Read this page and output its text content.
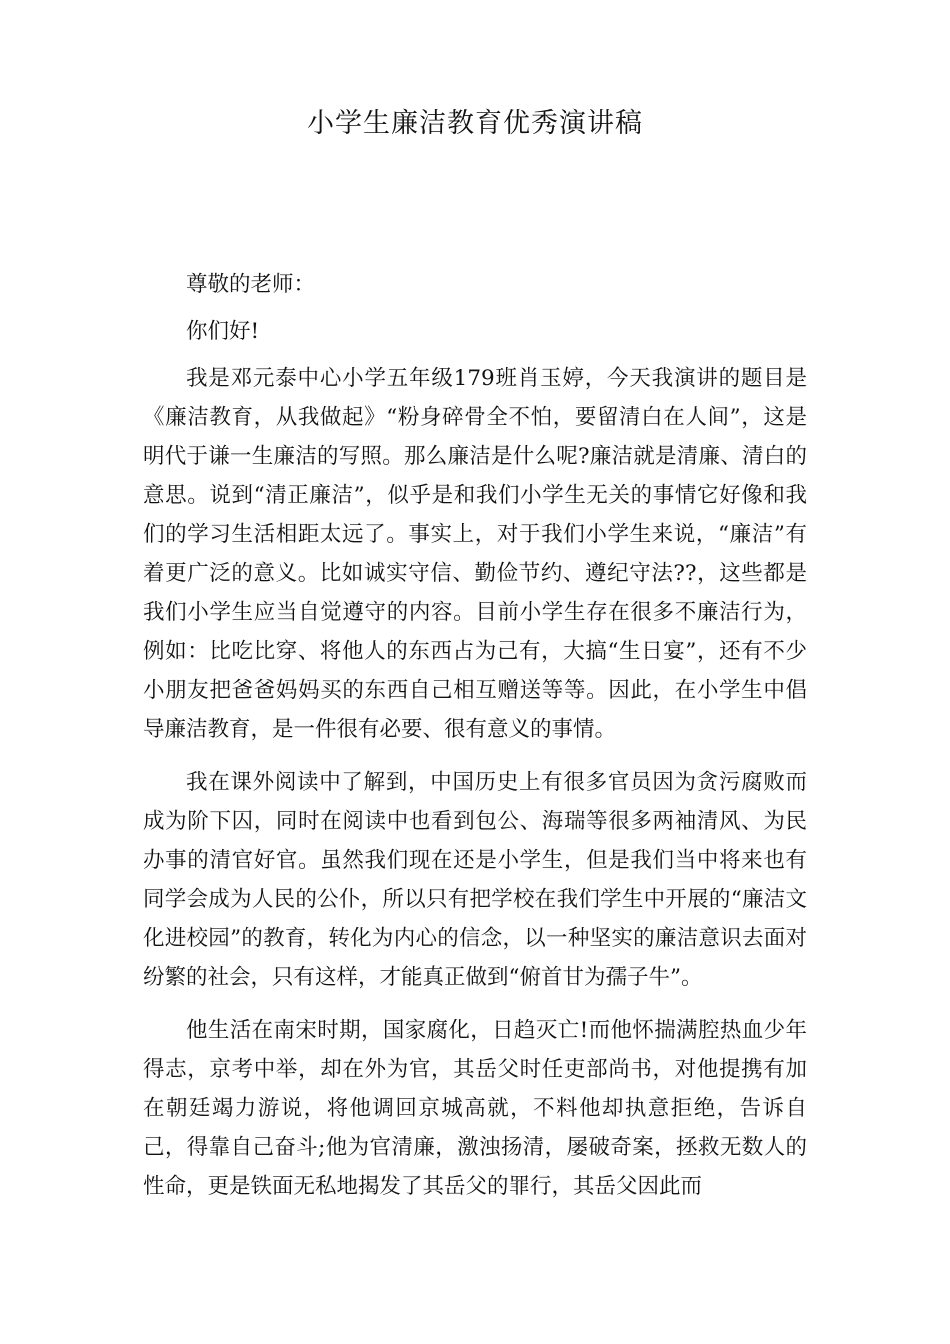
小学生廉洁教育优秀演讲稿

尊敬的老师：

你们好!

我是邓元泰中心小学五年级179班肖玉婷，今天我演讲的题目是《廉洁教育，从我做起》“粉身碎骨全不怕，要留清白在人间”，这是明代于谦一生廉洁的写照。那么廉洁是什么呢?廉洁就是清廉、清白的意思。说到“清正廉洁”，似乎是和我们小学生无关的事情它好像和我们的学习生活相距太远了。事实上，对于我们小学生来说，“廉洁”有着更广泛的意义。比如诚实守信、勤俭节约、遵纪守法??，这些都是我们小学生应当自觉遵守的内容。目前小学生存在很多不廉洁行为，例如：比吃比穿、将他人的东西占为己有，大搞“生日宴”，还有不少小朋友把爸爸妈妈买的东西自己相互赠送等等。因此，在小学生中倡导廉洁教育，是一件很有必要、很有意义的事情。

我在课外阅读中了解到，中国历史上有很多官员因为贪污腐败而成为阶下囚，同时在阅读中也看到包公、海瑞等很多两袖清风、为民办事的清官好官。虽然我们现在还是小学生，但是我们当中将来也有同学会成为人民的公仆，所以只有把学校在我们学生中开展的“廉洁文化进校园”的教育，转化为内心的信念，以一种坚实的廉洁意识去面对纷繁的社会，只有这样，才能真正做到“俯首甘为孺子牛”。

他生活在南宋时期，国家腐化，日趋灭亡!而他怀揣满腔热血少年得志，京考中举，却在外为官，其岳父时任吏部尚书，对他提携有加在朝廷竭力游说，将他调回京城高就，不料他却执意拒绝，告诉自己，得靠自己奋斗;他为官清廉，激浊扬清，屡破奇案，拯救无数人的性命，更是铁面无私地揭发了其岳父的罪行，其岳父因此而
